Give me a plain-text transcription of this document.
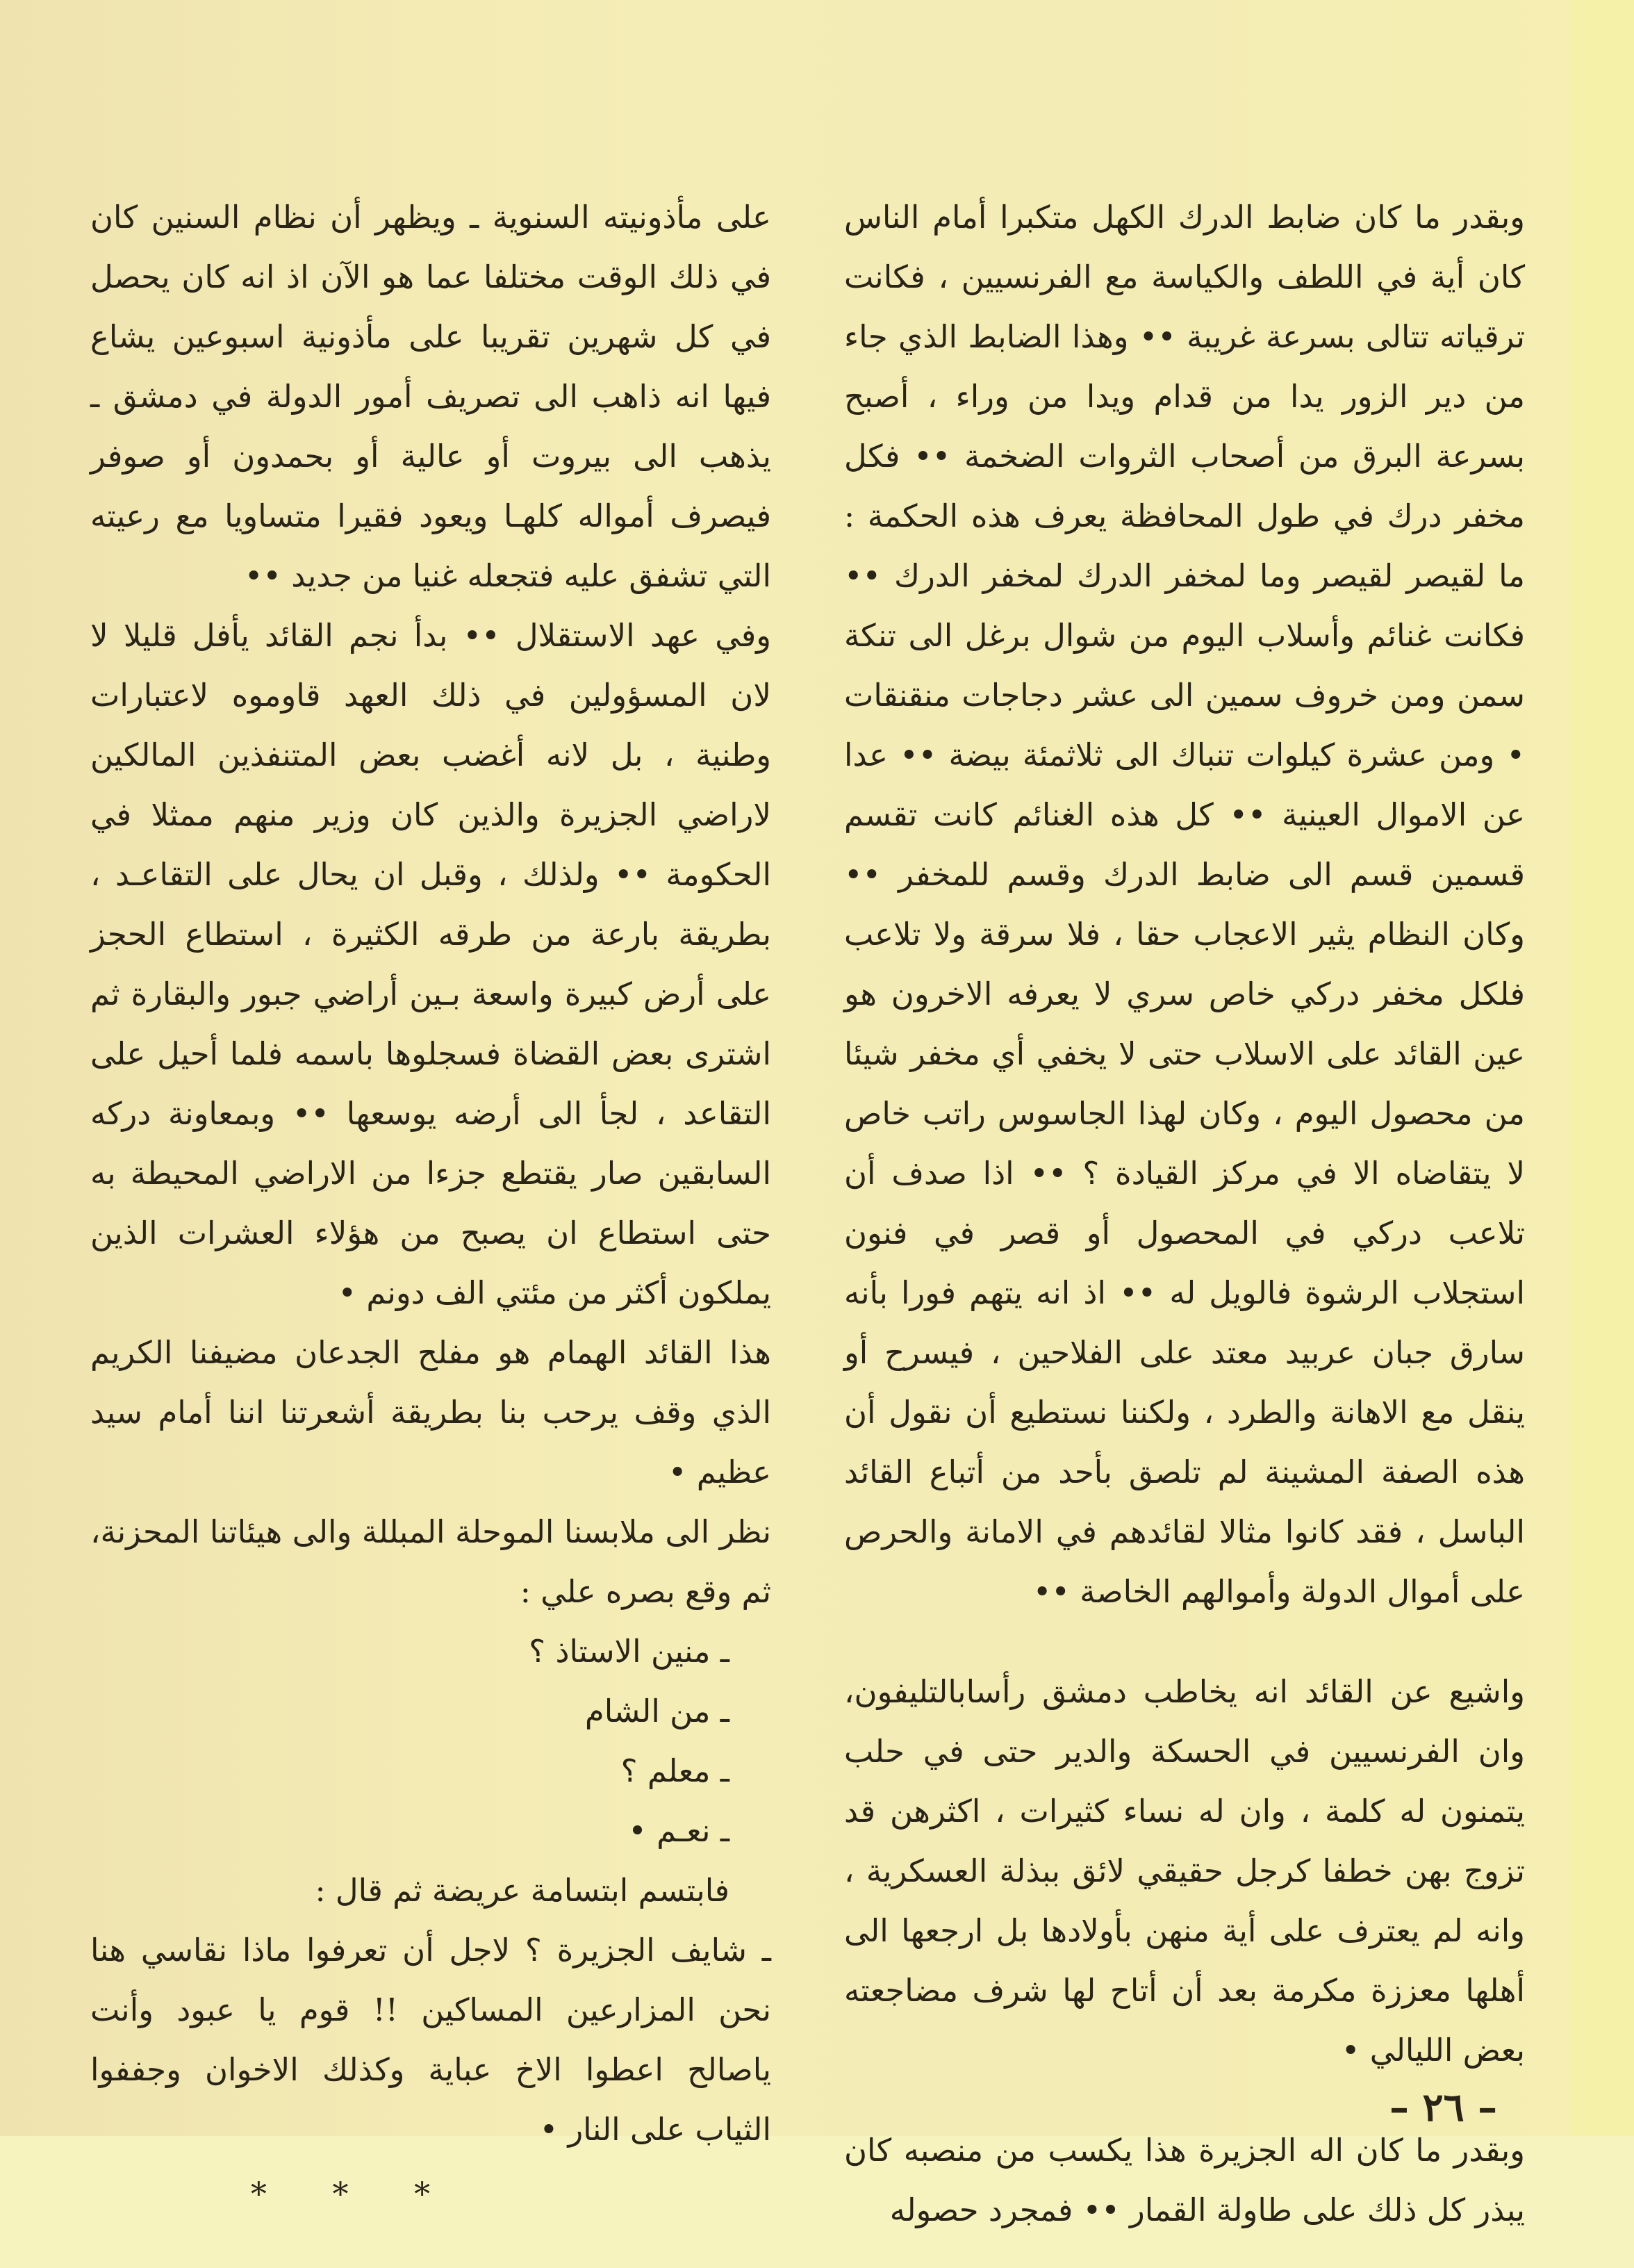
وبقدر ما كان ضابط الدرك الكهل متكبرا أمام الناس كان أية في اللطف والكياسة مع الفرنسيين ، فكانت ترقياته تتالى بسرعة غريبة •• وهذا الضابط الذي جاء من دير الزور يدا من قدام ويدا من وراء ، أصبح بسرعة البرق من أصحاب الثروات الضخمة •• فكل مخفر درك في طول المحافظة يعرف هذه الحكمة : ما لقيصر لقيصر وما لمخفر الدرك لمخفر الدرك •• فكانت غنائم وأسلاب اليوم من شوال برغل الى تنكة سمن ومن خروف سمين الى عشر دجاجات منقنقات • ومن عشرة كيلوات تنباك الى ثلاثمئة بيضة •• عدا عن الاموال العينية •• كل هذه الغنائم كانت تقسم قسمين قسم الى ضابط الدرك وقسم للمخفر •• وكان النظام يثير الاعجاب حقا ، فلا سرقة ولا تلاعب فلكل مخفر دركي خاص سري لا يعرفه الاخرون هو عين القائد على الاسلاب حتى لا يخفي أي مخفر شيئا من محصول اليوم ، وكان لهذا الجاسوس راتب خاص لا يتقاضاه الا في مركز القيادة ؟ •• اذا صدف أن تلاعب دركي في المحصول أو قصر في فنون استجلاب الرشوة فالويل له •• اذ انه يتهم فورا بأنه سارق جبان عربيد معتد على الفلاحين ، فيسرح أو ينقل مع الاهانة والطرد ، ولكننا نستطيع أن نقول أن هذه الصفة المشينة لم تلصق بأحد من أتباع القائد الباسل ، فقد كانوا مثالا لقائدهم في الامانة والحرص على أموال الدولة وأموالهم الخاصة ••

واشيع عن القائد انه يخاطب دمشق رأسابالتليفون، وان الفرنسيين في الحسكة والدير حتى في حلب يتمنون له كلمة ، وان له نساء كثيرات ، اكثرهن قد تزوج بهن خطفا كرجل حقيقي لائق ببذلة العسكرية ، وانه لم يعترف على أية منهن بأولادها بل ارجعها الى أهلها معززة مكرمة بعد أن أتاح لها شرف مضاجعته بعض الليالي •

وبقدر ما كان اله الجزيرة هذا يكسب من منصبه كان يبذر كل ذلك على طاولة القمار •• فمجرد حصوله

على مأذونيته السنوية ـ ويظهر أن نظام السنين كان في ذلك الوقت مختلفا عما هو الآن اذ انه كان يحصل في كل شهرين تقريبا على مأذونية اسبوعين يشاع فيها انه ذاهب الى تصريف أمور الدولة في دمشق ـ يذهب الى بيروت أو عالية أو بحمدون أو صوفر فيصرف أمواله كلهـا ويعود فقيرا متساويا مع رعيته التي تشفق عليه فتجعله غنيا من جديد ••

وفي عهد الاستقلال •• بدأ نجم القائد يأفل قليلا لا لان المسؤولين في ذلك العهد قاوموه لاعتبارات وطنية ، بل لانه أغضب بعض المتنفذين المالكين لاراضي الجزيرة والذين كان وزير منهم ممثلا في الحكومة •• ولذلك ، وقبل ان يحال على التقاعـد ، بطريقة بارعة من طرقه الكثيرة ، استطاع الحجز على أرض كبيرة واسعة بـين أراضي جبور والبقارة ثم اشترى بعض القضاة فسجلوها باسمه فلما أحيل على التقاعد ، لجأ الى أرضه يوسعها •• وبمعاونة دركه السابقين صار يقتطع جزءا من الاراضي المحيطة به حتى استطاع ان يصبح من هؤلاء العشرات الذين يملكون أكثر من مئتي الف دونم •

هذا القائد الهمام هو مفلح الجدعان مضيفنا الكريم الذي وقف يرحب بنا بطريقة أشعرتنا اننا أمام سيد عظيم •

نظر الى ملابسنا الموحلة المبللة والى هيئاتنا المحزنة، ثم وقع بصره علي :

ـ منين الاستاذ ؟

ـ من الشام

ـ معلم ؟

ـ نعـم •

فابتسم ابتسامة عريضة ثم قال :

ـ شايف الجزيرة ؟ لاجل أن تعرفوا ماذا نقاسي هنا نحن المزارعين المساكين !! قوم يا عبود وأنت ياصالح اعطوا الاخ عباية وكذلك الاخوان وجففوا الثياب على النار •

* * *

– ٢٦ –
